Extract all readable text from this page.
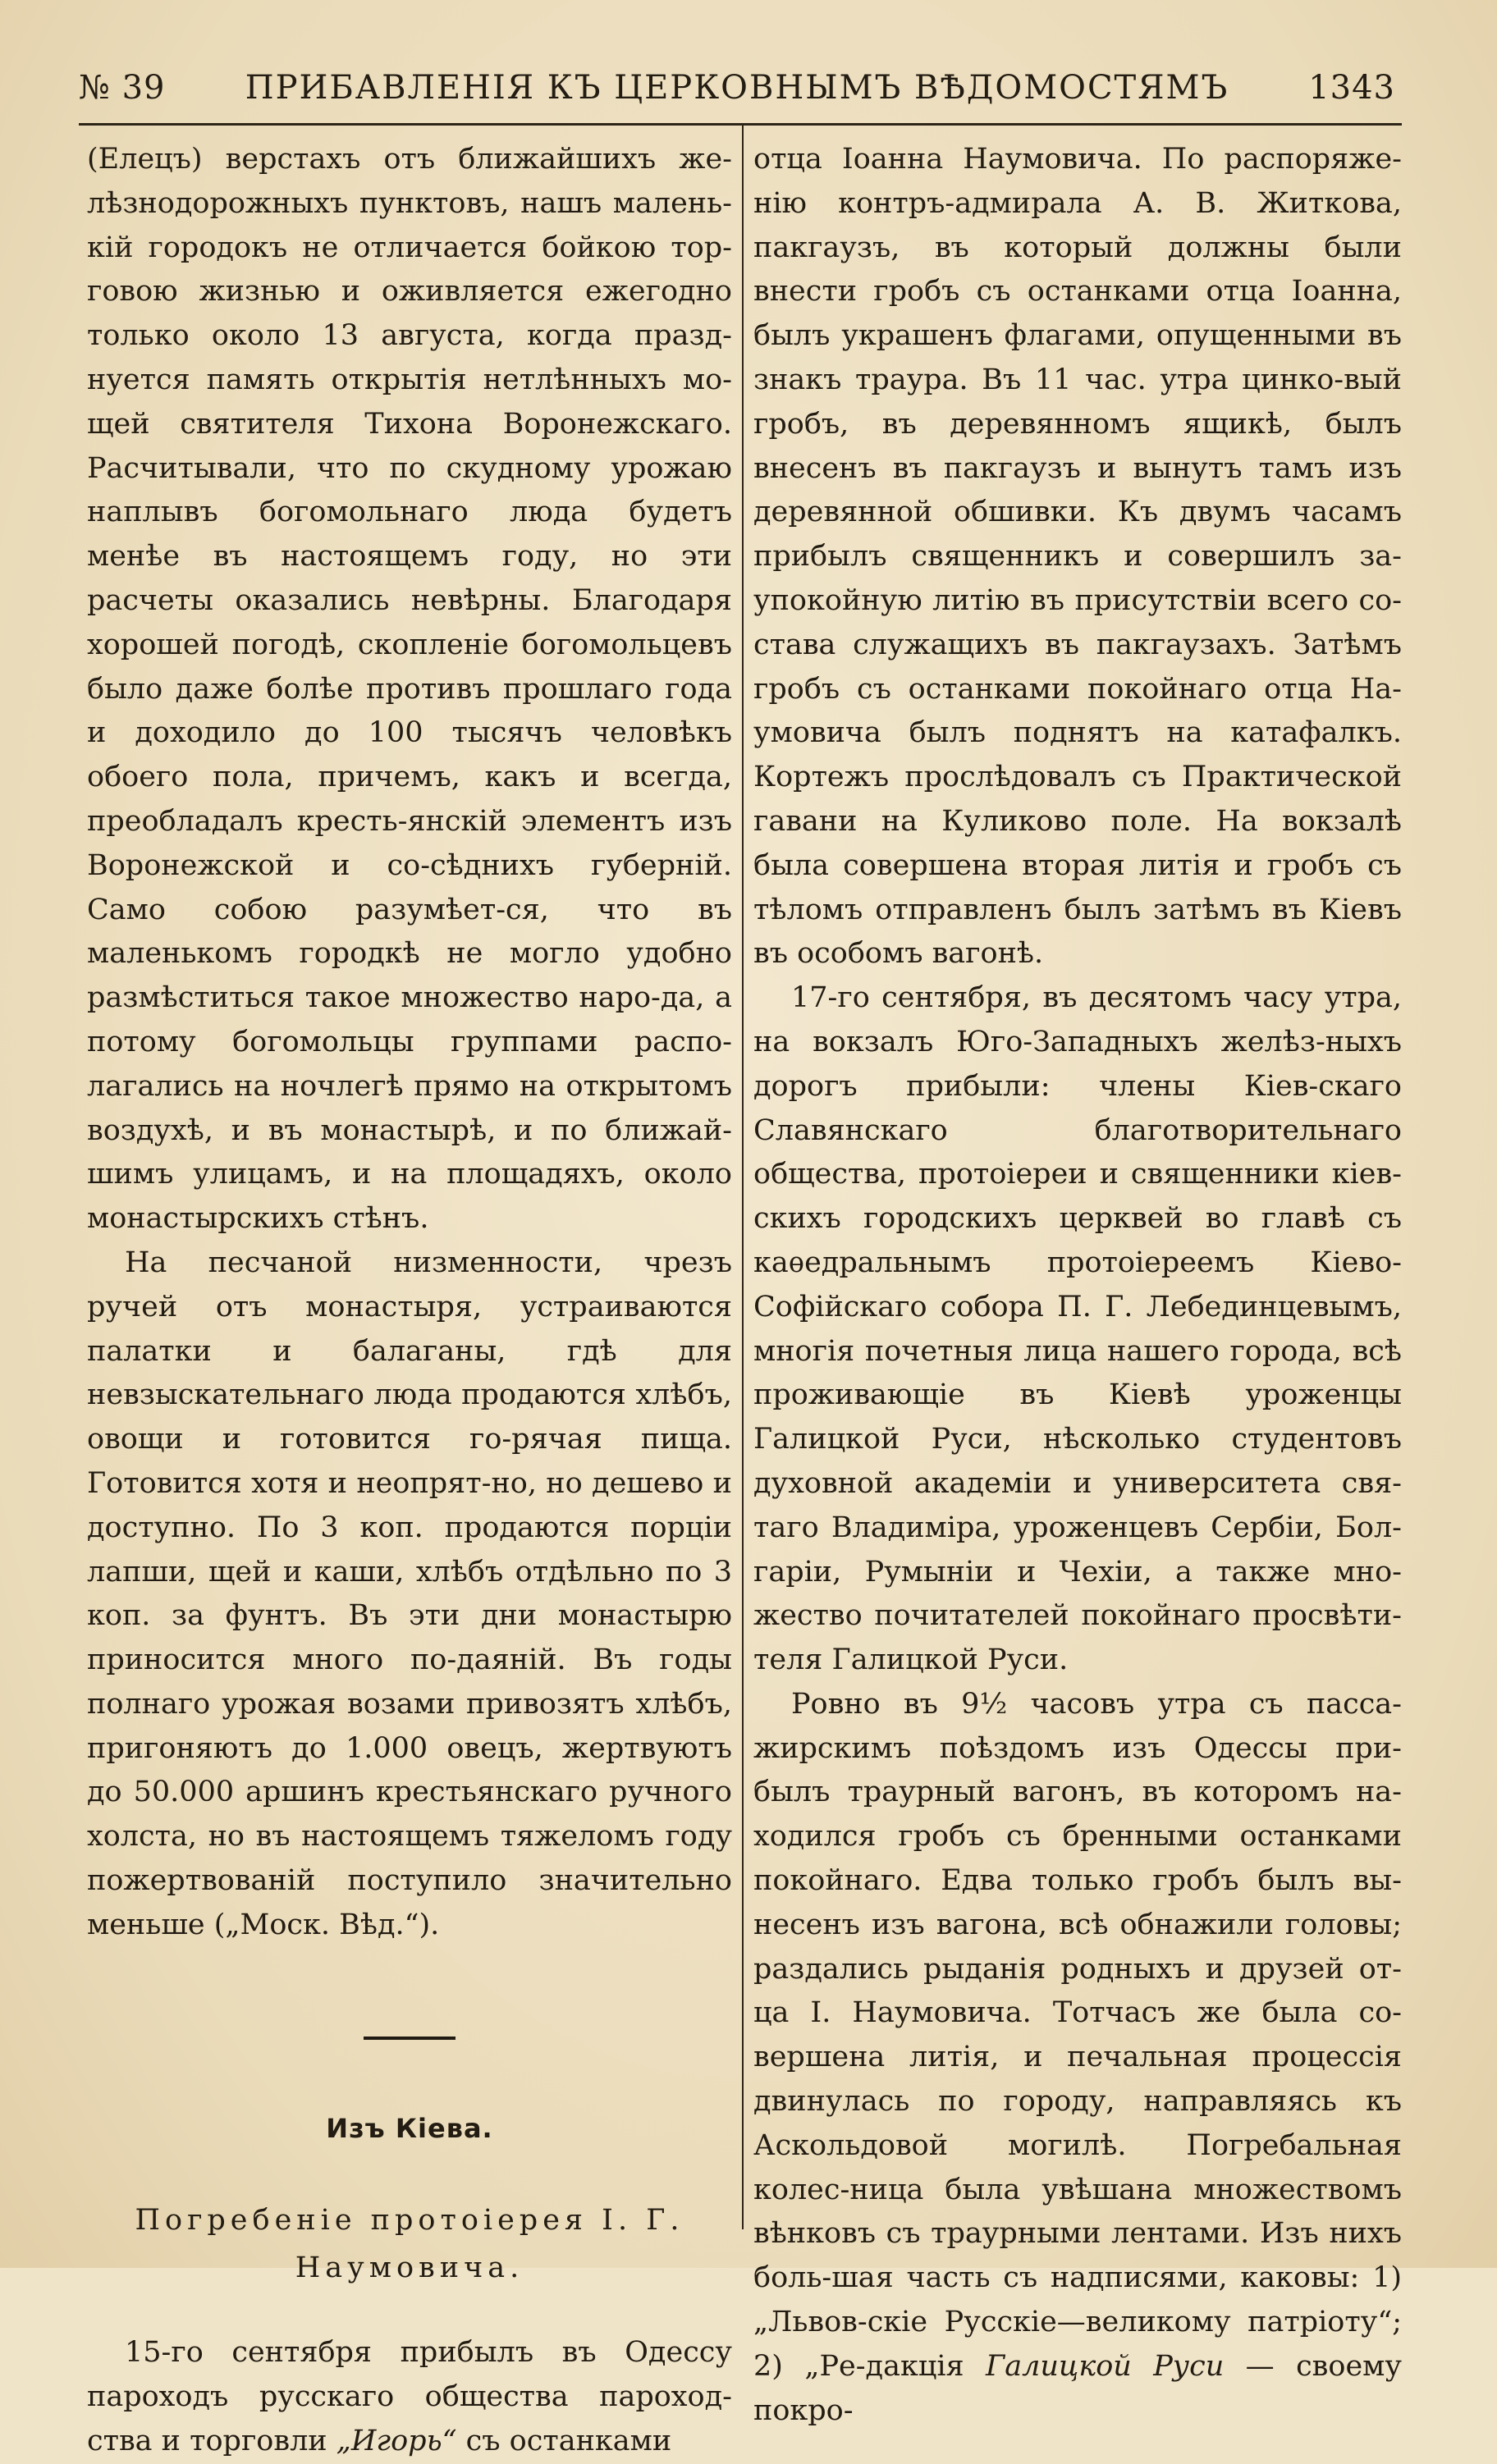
№ 39	ПРИБАВЛЕНІЯ КЪ ЦЕРКОВНЫМЪ ВѢДОМОСТЯМЪ	1343

(Елецъ) верстахъ отъ ближайшихъ же-лѣзнодорожныхъ пунктовъ, нашъ малень-кій городокъ не отличается бойкою тор-говою жизнью и оживляется ежегодно только около 13 августа, когда празд-нуется память открытія нетлѣнныхъ мо-щей святителя Тихона Воронежскаго. Расчитывали, что по скудному урожаю наплывъ богомольнаго люда будетъ менѣе въ настоящемъ году, но эти расчеты оказались невѣрны. Благодаря хорошей погодѣ, скопленіе богомольцевъ было даже болѣе противъ прошлаго года и доходило до 100 тысячъ человѣкъ обоего пола, причемъ, какъ и всегда, преобладалъ кресть-янскій элементъ изъ Воронежской и со-сѣднихъ губерній. Само собою разумѣет-ся, что въ маленькомъ городкѣ не могло удобно размѣститься такое множество наро-да, а потому богомольцы группами распо-лагались на ночлегѣ прямо на открытомъ воздухѣ, и въ монастырѣ, и по ближай-шимъ улицамъ, и на площадяхъ, около монастырскихъ стѣнъ.

На песчаной низменности, чрезъ ручей отъ монастыря, устраиваются палатки и балаганы, гдѣ для невзыскательнаго люда продаются хлѣбъ, овощи и готовится го-рячая пища. Готовится хотя и неопрят-но, но дешево и доступно. По 3 коп. продаются порціи лапши, щей и каши, хлѣбъ отдѣльно по 3 коп. за фунтъ. Въ эти дни монастырю приносится много по-даяній. Въ годы полнаго урожая возами привозятъ хлѣбъ, пригоняютъ до 1.000 овецъ, жертвуютъ до 50.000 аршинъ крестьянскаго ручного холста, но въ настоящемъ тяжеломъ году пожертвованій поступило значительно меньше („Моск. Вѣд.“).

Изъ Кіева.
Погребеніе протоіерея І. Г. Наумовича.

15-го сентября прибылъ въ Одессу пароходъ русскаго общества пароход-ства и торговли „Игорь“ съ останками

отца Іоанна Наумовича. По распоряже-нію контръ-адмирала А. В. Житкова, пакгаузъ, въ который должны были внести гробъ съ останками отца Іоанна, былъ украшенъ флагами, опущенными въ знакъ траура. Въ 11 час. утра цинко-вый гробъ, въ деревянномъ ящикѣ, былъ внесенъ въ пакгаузъ и вынутъ тамъ изъ деревянной обшивки. Къ двумъ часамъ прибылъ священникъ и совершилъ за-упокойную литію въ присутствіи всего со-става служащихъ въ пакгаузахъ. Затѣмъ гробъ съ останками покойнаго отца На-умовича былъ поднятъ на катафалкъ. Кортежъ прослѣдовалъ съ Практической гавани на Куликово поле. На вокзалѣ была совершена вторая литія и гробъ съ тѣломъ отправленъ былъ затѣмъ въ Кіевъ въ особомъ вагонѣ.

17-го сентября, въ десятомъ часу утра, на вокзалъ Юго-Западныхъ желѣз-ныхъ дорогъ прибыли: члены Кіев-скаго Славянскаго благотворительнаго общества, протоіереи и священники кіев-скихъ городскихъ церквей во главѣ съ каѳедральнымъ протоіереемъ Кіево-Софійскаго собора П. Г. Лебединцевымъ, многія почетныя лица нашего города, всѣ проживающіе въ Кіевѣ уроженцы Галицкой Руси, нѣсколько студентовъ духовной академіи и университета свя-таго Владиміра, уроженцевъ Сербіи, Бол-гаріи, Румыніи и Чехіи, а также мно-жество почитателей покойнаго просвѣти-теля Галицкой Руси.

Ровно въ 9½ часовъ утра съ пасса-жирскимъ поѣздомъ изъ Одессы при-былъ траурный вагонъ, въ которомъ на-ходился гробъ съ бренными останками покойнаго. Едва только гробъ былъ вы-несенъ изъ вагона, всѣ обнажили головы; раздались рыданія родныхъ и друзей от-ца І. Наумовича. Тотчасъ же была со-вершена литія, и печальная процессія двинулась по городу, направляясь къ Аскольдовой могилѣ. Погребальная колес-ница была увѣшана множествомъ вѣнковъ съ траурными лентами. Изъ нихъ боль-шая часть съ надписями, каковы: 1) „Львов-скіе Русскіе—великому патріоту“; 2) „Ре-дакція Галицкой Руси — своему покро-
